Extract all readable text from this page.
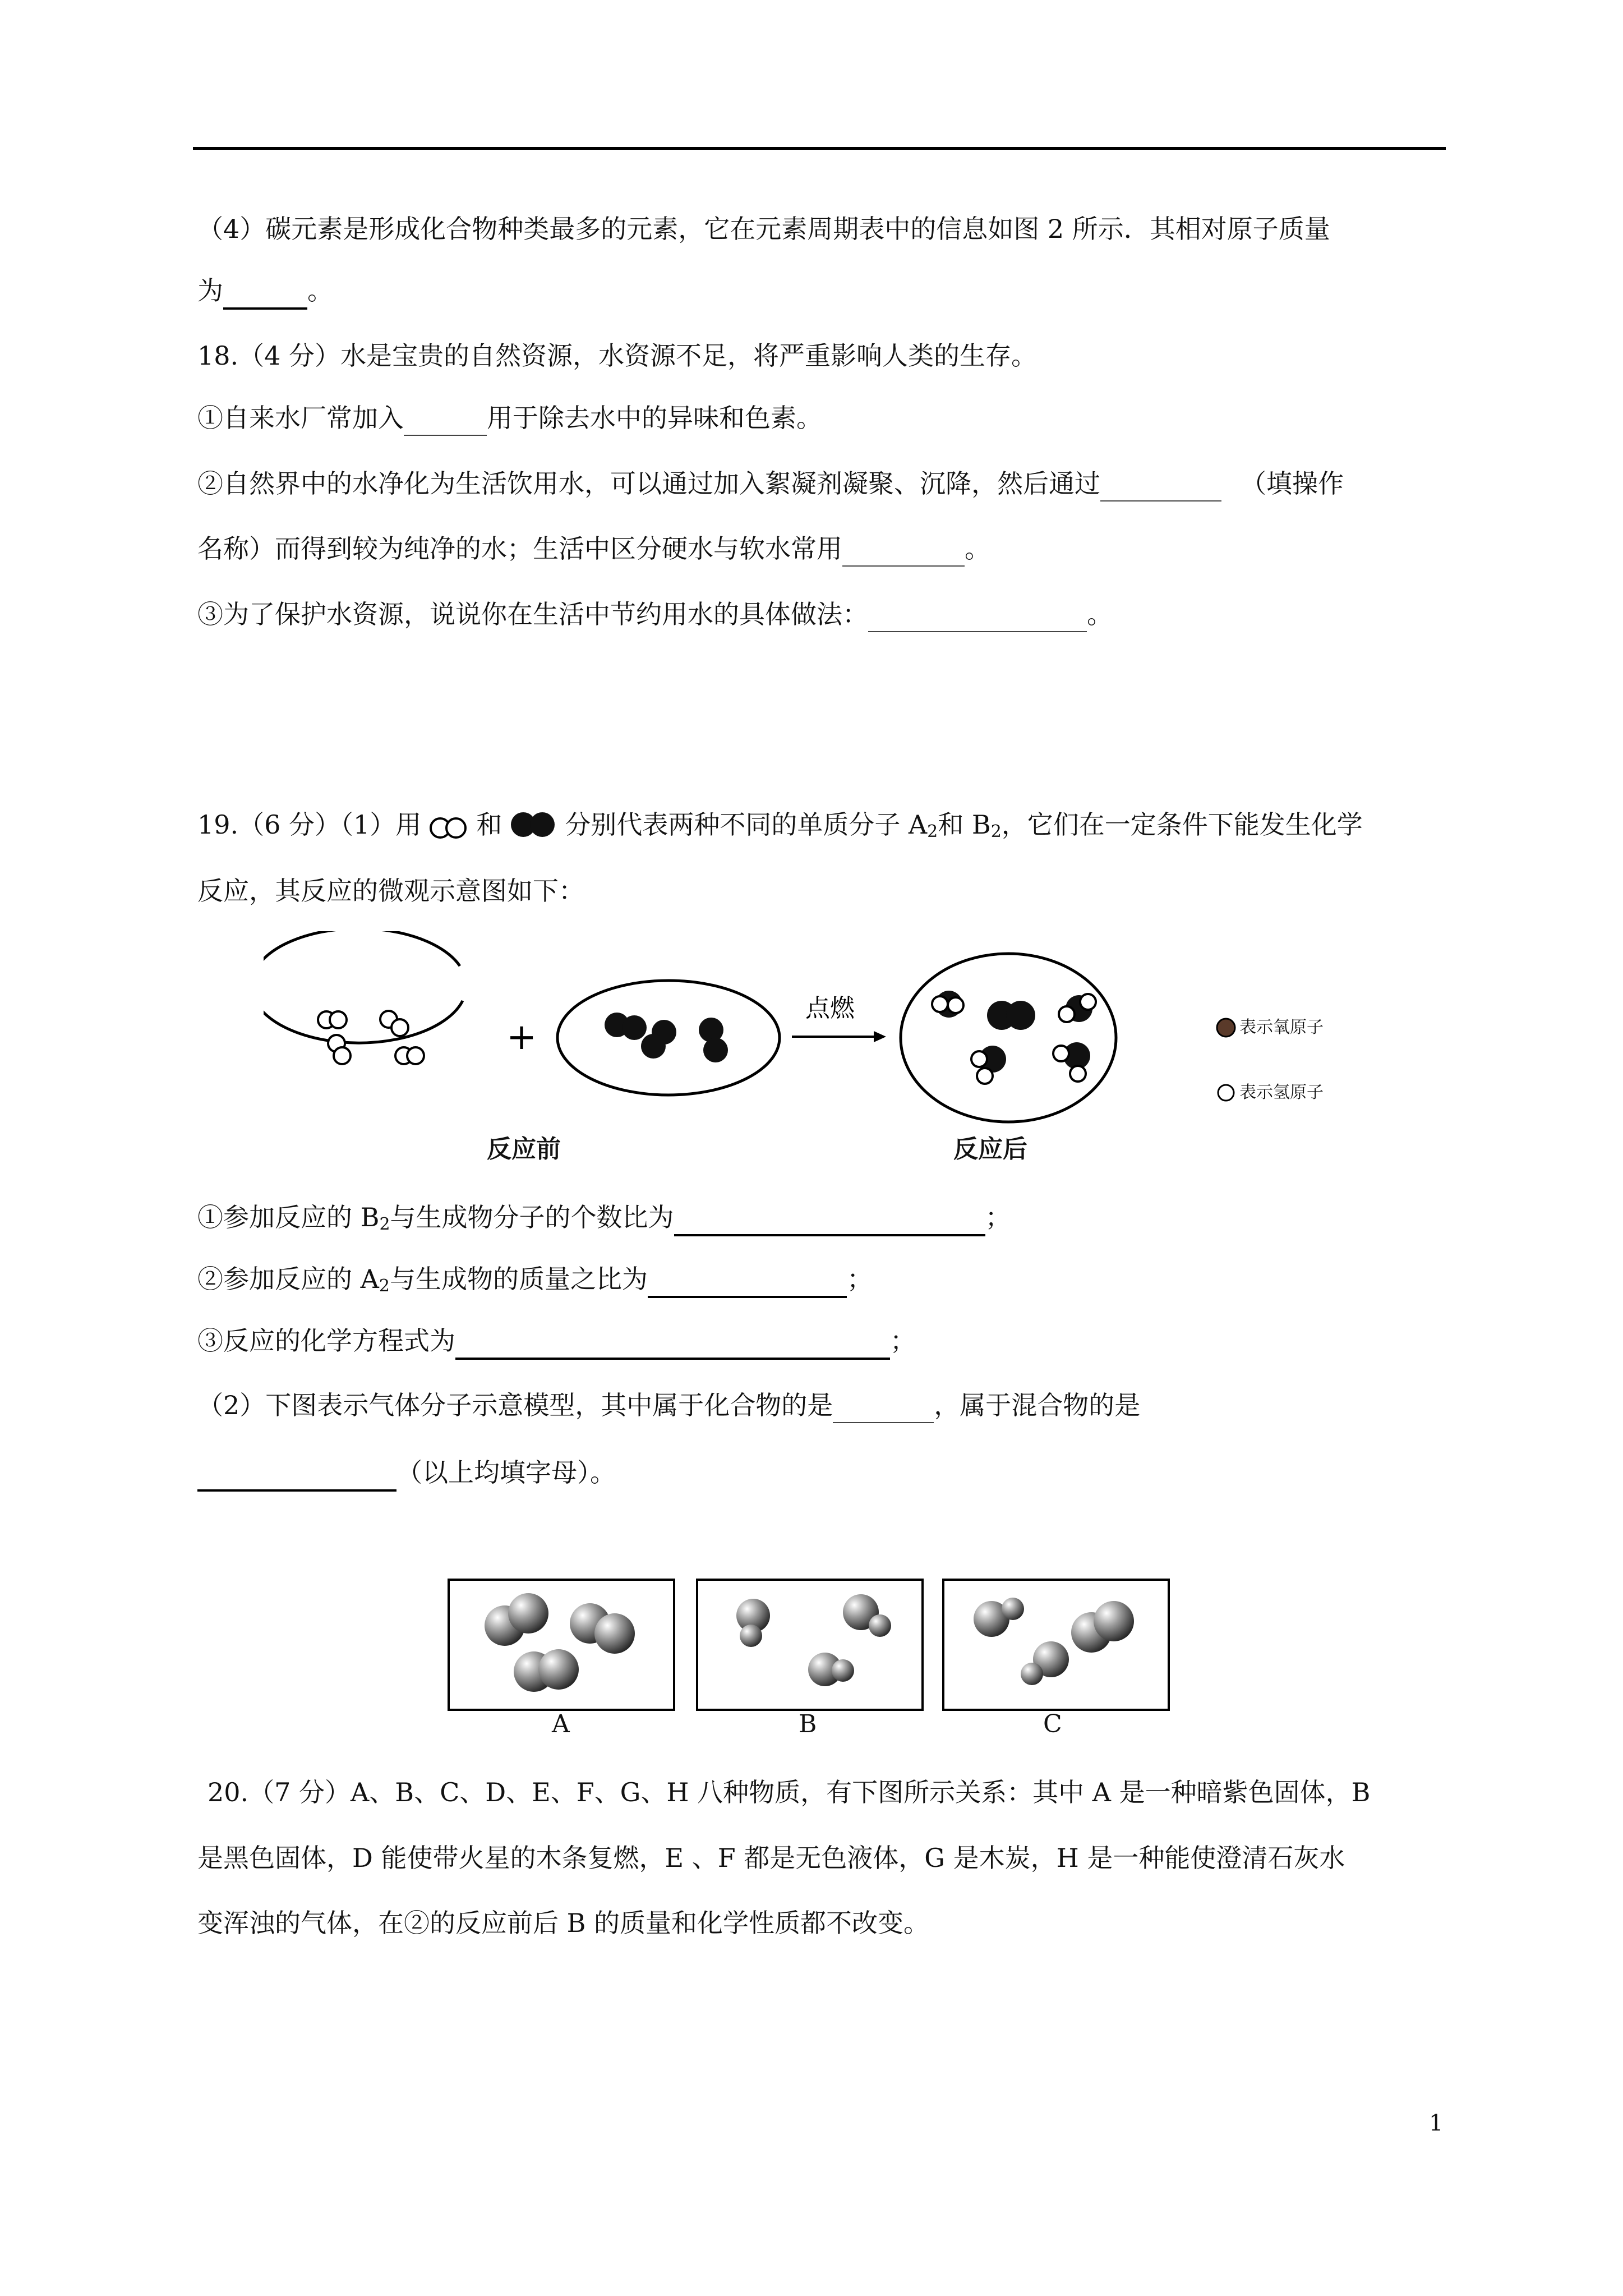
（4）碳元素是形成化合物种类最多的元素，它在元素周期表中的信息如图 2 所示．其相对原子质量
为	。
18.（4 分）水是宝贵的自然资源，水资源不足，将严重影响人类的生存。
①自来水厂常加入	用于除去水中的异味和色素。
②自然界中的水净化为生活饮用水，可以通过加入絮凝剂凝聚、沉降，然后通过	（填操作
名称）而得到较为纯净的水；生活中区分硬水与软水常用	。
③为了保护水资源，说说你在生活中节约用水的具体做法：	。
19.（6 分）（1）用 和 分别代表两种不同的单质分子 $A_2$和 $B_2$，它们在一定条件下能发生化学
反应，其反应的微观示意图如下：
+
点燃
表示氧原子
表示氢原子
反应前	反应后
①参加反应的 $B_2$与生成物分子的个数比为	；
②参加反应的 $A_2$与生成物的质量之比为	；
③反应的化学方程式为	；
（2）下图表示气体分子示意模型，其中属于化合物的是	，属于混合物的是
（以上均填字母）。
A	B	C
20.（7 分）A、B、C、D、E、F、G、H 八种物质，有下图所示关系：其中 A 是一种暗紫色固体，B
是黑色固体，D 能使带火星的木条复燃，E 、F 都是无色液体，G 是木炭，H 是一种能使澄清石灰水
变浑浊的气体，在②的反应前后 B 的质量和化学性质都不改变。
1
